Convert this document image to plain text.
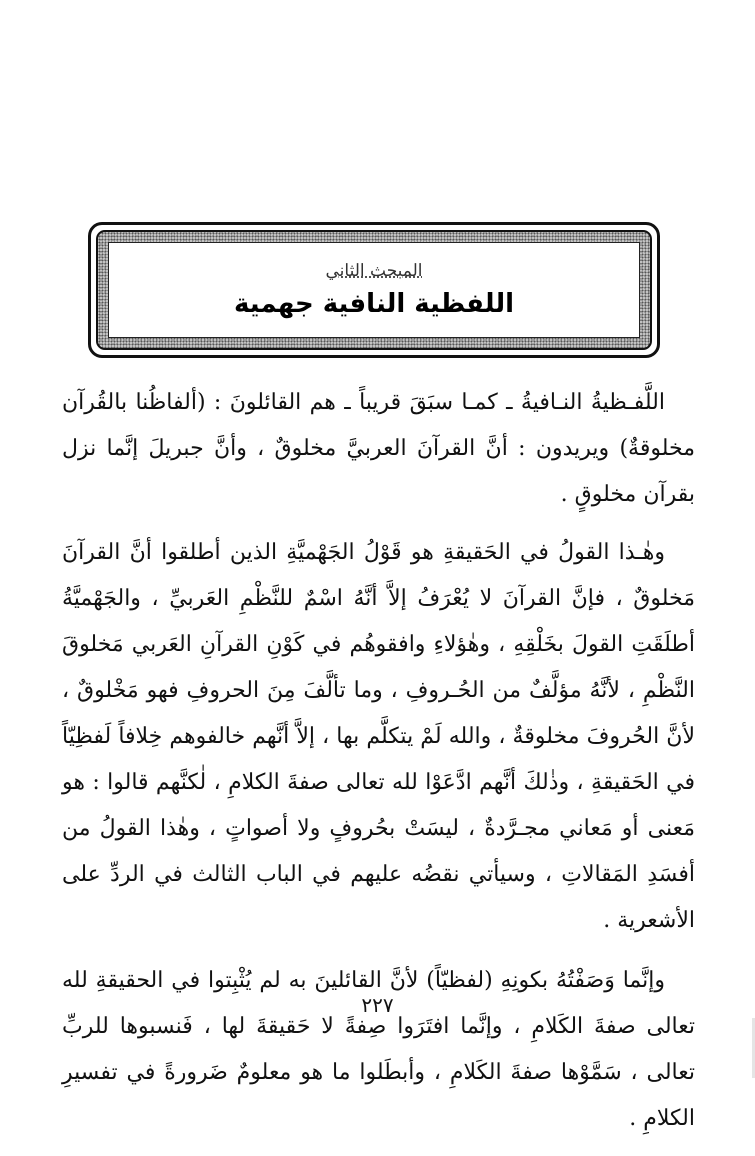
المبحث الثاني
اللفظية النافية جهمية

اللَّفـظيةُ النـافيةُ ـ كمـا سبَقَ قريباً ـ هم القائلونَ : (ألفاظُنا بالقُرآن مخلوقةٌ) ويريدون : أنَّ القرآنَ العربيَّ مخلوقٌ ، وأنَّ جبريلَ إنَّما نزل بقرآن مخلوقٍ .

وهٰـذا القولُ في الحَقيقةِ هو قَوْلُ الجَهْميَّةِ الذين أطلقوا أنَّ القرآنَ مَخلوقٌ ، فإنَّ القرآنَ لا يُعْرَفُ إلاَّ أنَّهُ اسْمٌ للنَّظْمِ العَربيِّ ، والجَهْميَّةُ أطلَقَتِ القولَ بخَلْقِهِ ، وهٰؤلاءِ وافقوهُم في كَوْنِ القرآنِ العَربي مَخلوقَ النَّظْمِ ، لأنَّهُ مؤلَّفٌ من الحُـروفِ ، وما تألَّفَ مِنَ الحروفِ فهو مَخْلوقٌ ، لأنَّ الحُروفَ مخلوقةٌ ، والله لَمْ يتكلَّم بها ، إلاَّ أنَّهم خالفوهم خِلافاً لَفظِيّاً في الحَقيقةِ ، وذٰلكَ أنَّهم ادَّعَوْا لله تعالى صفةَ الكلامِ ، لٰكنَّهم قالوا : هو مَعنى أو مَعاني مجـرَّدةٌ ، ليسَتْ بحُروفٍ ولا أصواتٍ ، وهٰذا القولُ من أفسَدِ المَقالاتِ ، وسيأتي نقضُه عليهم في الباب الثالث في الردِّ على الأشعرية .

وإنَّما وَصَفْتُهُ بكونِهِ (لفظيّاً) لأنَّ القائلينَ به لم يُثْبِتوا في الحقيقةِ لله تعالى صفةَ الكَلامِ ، وإنَّما افتَرَوا صِفةً لا حَقيقةَ لها ، فَنسبوها للربِّ تعالى ، سَمَّوْها صفةَ الكَلامِ ، وأبطَلوا ما هو معلومٌ ضَرورةً في تفسيرِ الكلامِ .

٢٢٧
